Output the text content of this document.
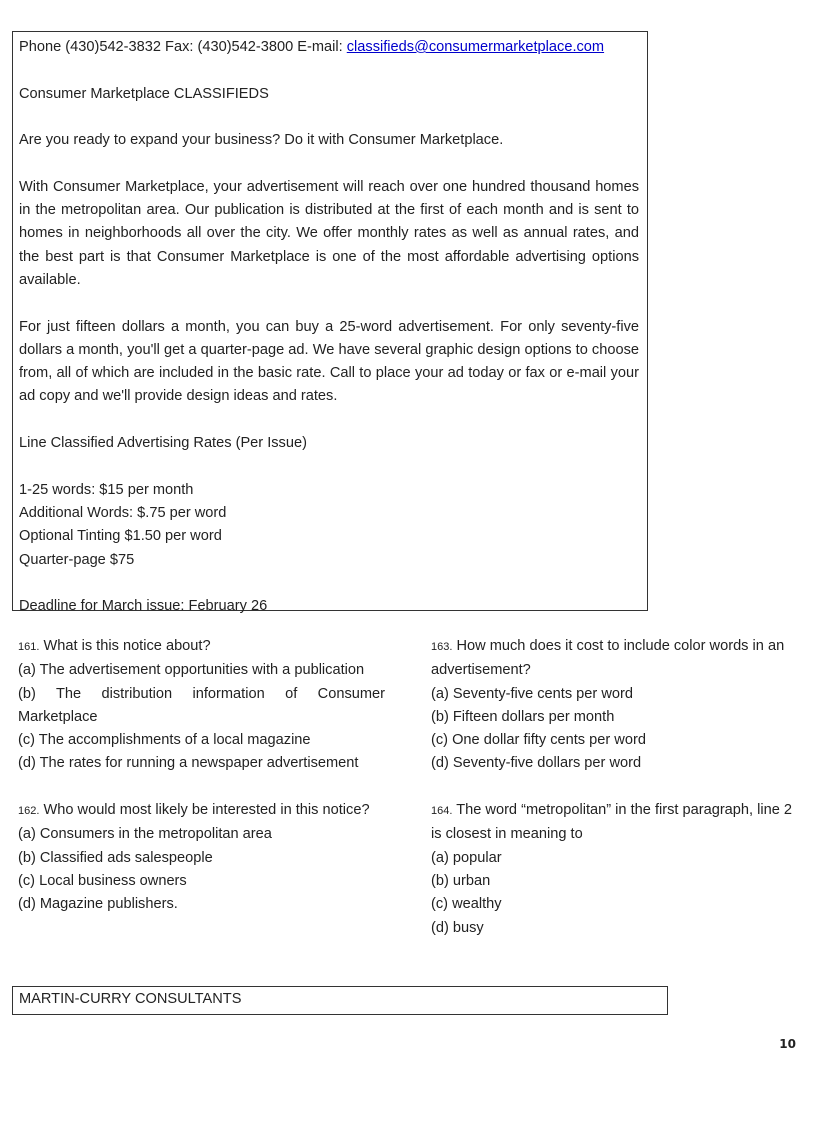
Phone (430)542-3832 Fax: (430)542-3800 E-mail: classifieds@consumermarketplace.com

Consumer Marketplace CLASSIFIEDS

Are you ready to expand your business? Do it with Consumer Marketplace.

With Consumer Marketplace, your advertisement will reach over one hundred thousand homes in the metropolitan area. Our publication is distributed at the first of each month and is sent to homes in neighborhoods all over the city. We offer monthly rates as well as annual rates, and the best part is that Consumer Marketplace is one of the most affordable advertising options available.

For just fifteen dollars a month, you can buy a 25-word advertisement. For only seventy-five dollars a month, you'll get a quarter-page ad. We have several graphic design options to choose from, all of which are included in the basic rate. Call to place your ad today or fax or e-mail your ad copy and we'll provide design ideas and rates.

Line Classified Advertising Rates (Per Issue)

1-25 words: $15 per month
Additional Words: $.75 per word
Optional Tinting $1.50 per word
Quarter-page $75

Deadline for March issue: February 26

161. What is this notice about?
(a) The advertisement opportunities with a publication
(b) The distribution information of Consumer
Marketplace
(c) The accomplishments of a local magazine
(d) The rates for running a newspaper advertisement
162. Who would most likely be interested in this notice?
(a) Consumers in the metropolitan area
(b) Classified ads salespeople
(c) Local business owners
(d) Magazine publishers.
163. How much does it cost to include color words in an advertisement?
(a) Seventy-five cents per word
(b) Fifteen dollars per month
(c) One dollar fifty cents per word
(d) Seventy-five dollars per word
164. The word “metropolitan” in the first paragraph, line 2 is closest in meaning to
(a) popular
(b) urban
(c) wealthy
(d) busy
MARTIN-CURRY CONSULTANTS
10
